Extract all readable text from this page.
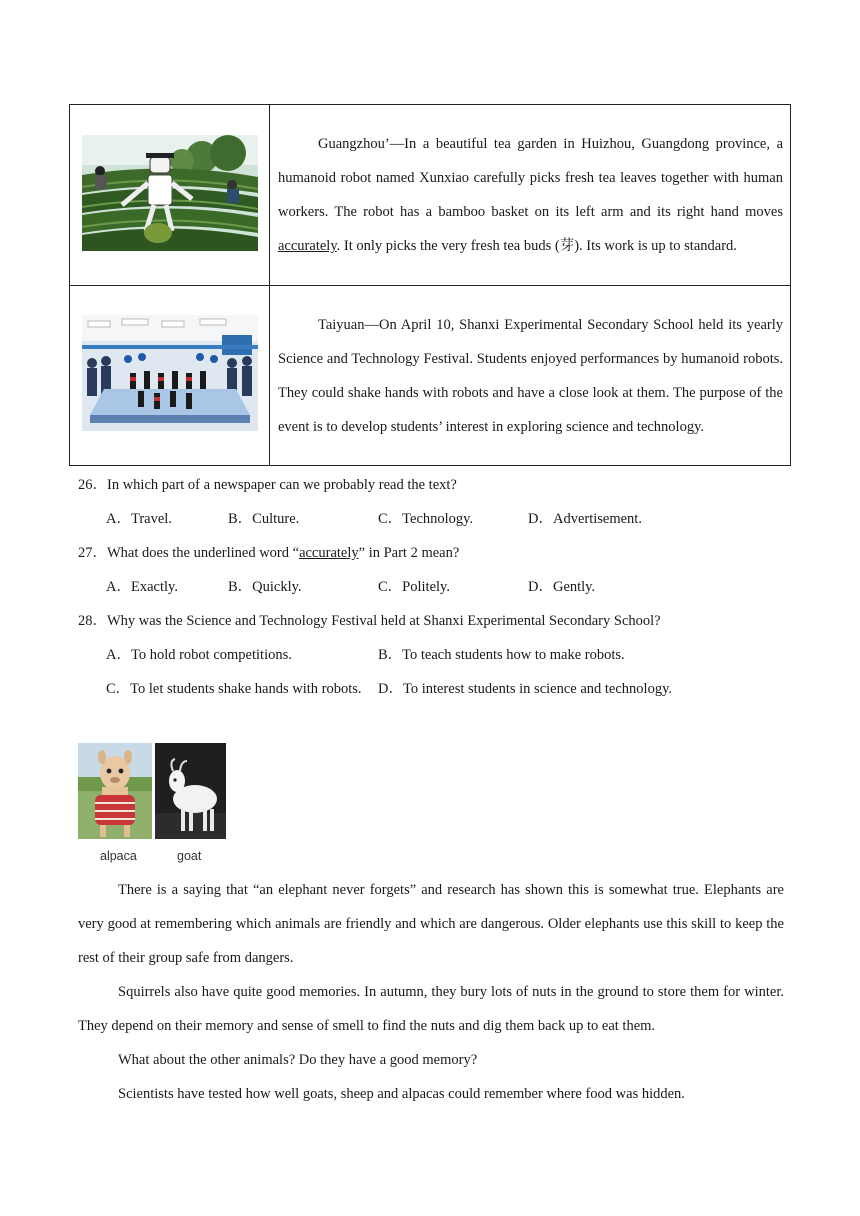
Guangzhou’—In a beautiful tea garden in Huizhou, Guangdong province, a humanoid robot named Xunxiao carefully picks fresh tea leaves together with human workers. The robot has a bamboo basket on its left arm and its right hand moves accurately. It only picks the very fresh tea buds (芽). Its work is up to standard.

Taiyuan—On April 10, Shanxi Experimental Secondary School held its yearly Science and Technology Festival. Students enjoyed performances by humanoid robots. They could shake hands with robots and have a close look at them. The purpose of the event is to develop students’ interest in exploring science and technology.

26．In which part of a newspaper can we probably read the text?

A．Travel.	B．Culture.	C．Technology.	D．Advertisement.

27．What does the underlined word “accurately” in Part 2 mean?

A．Exactly.	B．Quickly.	C．Politely.	D．Gently.

28．Why was the Science and Technology Festival held at Shanxi Experimental Secondary School?

A．To hold robot competitions.	B．To teach students how to make robots.

C．To let students shake hands with robots. D．To interest students in science and technology.

alpaca	goat

There is a saying that “an elephant never forgets” and research has shown this is somewhat true. Elephants are very good at remembering which animals are friendly and which are dangerous. Older elephants use this skill to keep the rest of their group safe from dangers.

Squirrels also have quite good memories. In autumn, they bury lots of nuts in the ground to store them for winter. They depend on their memory and sense of smell to find the nuts and dig them back up to eat them.

What about the other animals? Do they have a good memory?

Scientists have tested how well goats, sheep and alpacas could remember where food was hidden.
